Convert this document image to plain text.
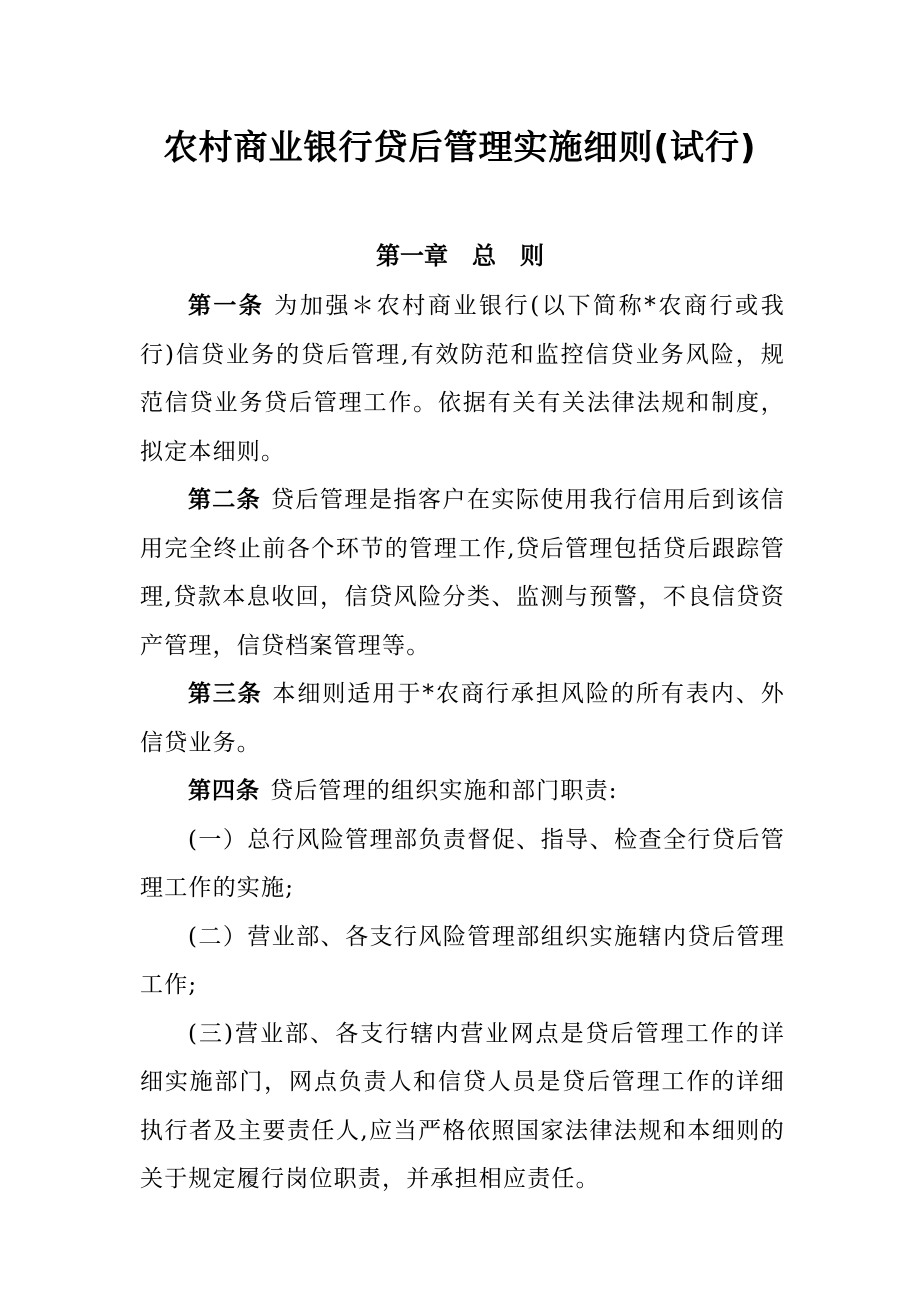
农村商业银行贷后管理实施细则(试行)
第一章　总　则

第一条 为加强＊农村商业银行(以下简称*农商行或我行)信贷业务的贷后管理,有效防范和监控信贷业务风险，规范信贷业务贷后管理工作。依据有关有关法律法规和制度，拟定本细则。

第二条 贷后管理是指客户在实际使用我行信用后到该信用完全终止前各个环节的管理工作,贷后管理包括贷后跟踪管理,贷款本息收回，信贷风险分类、监测与预警，不良信贷资产管理，信贷档案管理等。

第三条 本细则适用于*农商行承担风险的所有表内、外信贷业务。

第四条 贷后管理的组织实施和部门职责:

(一）总行风险管理部负责督促、指导、检查全行贷后管理工作的实施;

(二）营业部、各支行风险管理部组织实施辖内贷后管理工作;

(三)营业部、各支行辖内营业网点是贷后管理工作的详细实施部门，网点负责人和信贷人员是贷后管理工作的详细执行者及主要责任人,应当严格依照国家法律法规和本细则的关于规定履行岗位职责，并承担相应责任。
